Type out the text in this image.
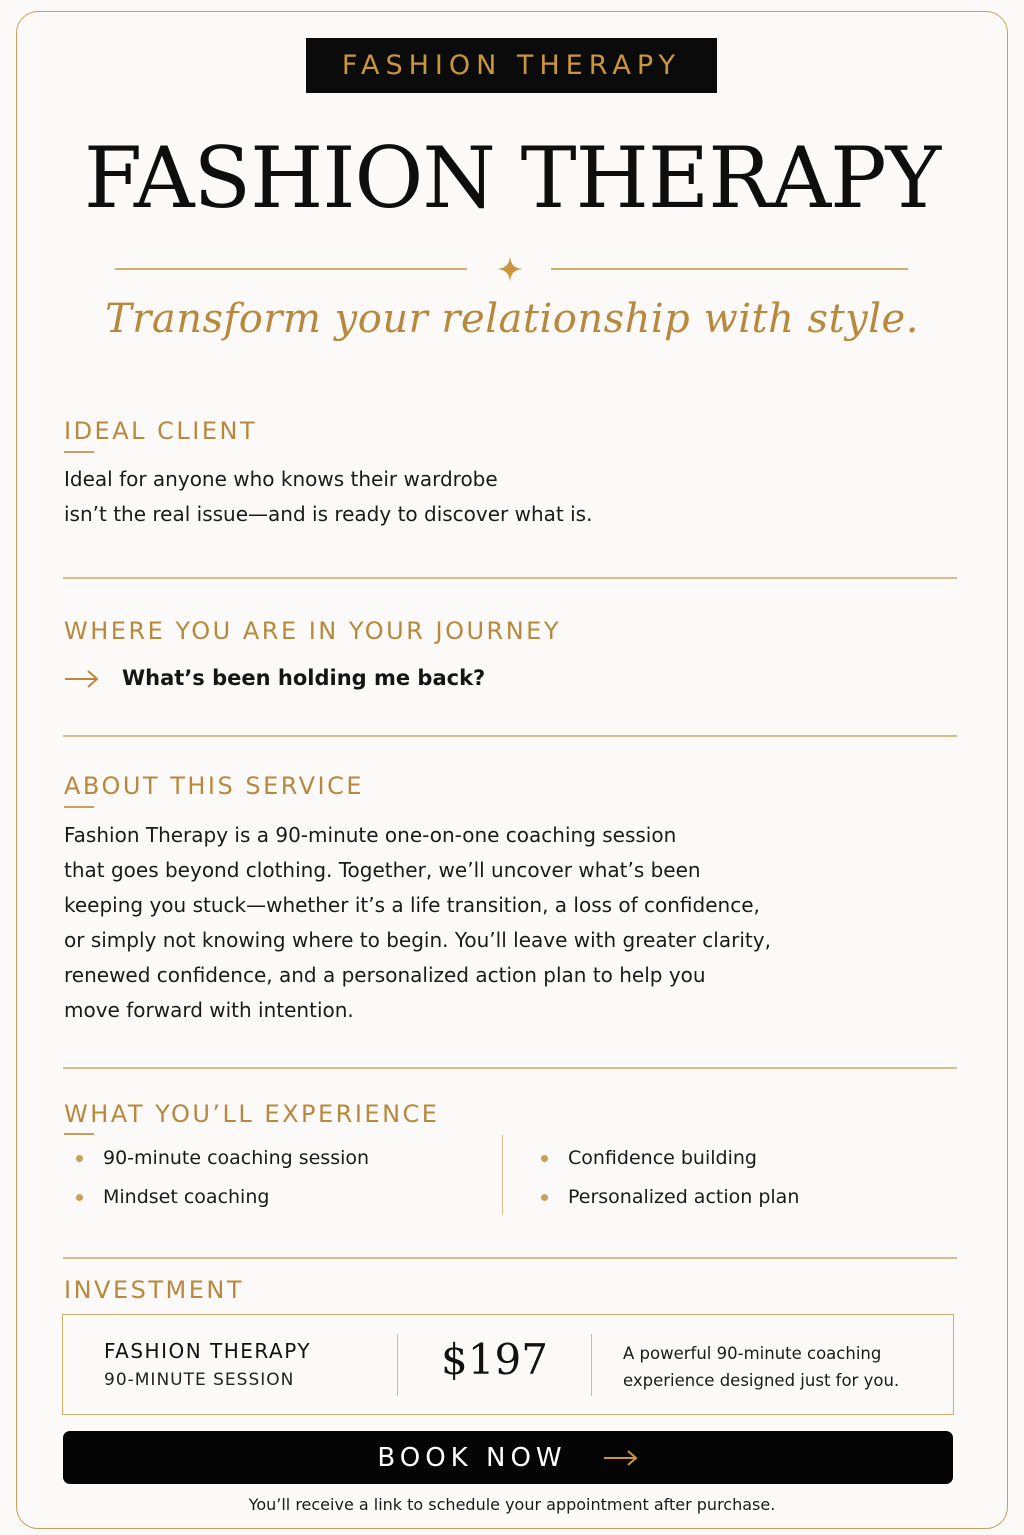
FASHION THERAPY
FASHION THERAPY
Transform your relationship with style.
IDEAL CLIENT
Ideal for anyone who knows their wardrobe
isn’t the real issue—and is ready to discover what is.
WHERE YOU ARE IN YOUR JOURNEY
What’s been holding me back?
ABOUT THIS SERVICE
Fashion Therapy is a 90-minute one-on-one coaching session
that goes beyond clothing. Together, we’ll uncover what’s been
keeping you stuck—whether it’s a life transition, a loss of confidence,
or simply not knowing where to begin. You’ll leave with greater clarity,
renewed confidence, and a personalized action plan to help you
move forward with intention.
WHAT YOU’LL EXPERIENCE
90-minute coaching session
Mindset coaching
Confidence building
Personalized action plan
INVESTMENT
FASHION THERAPY
90-MINUTE SESSION	$197	A powerful 90-minute coaching
experience designed just for you.
BOOK NOW
You’ll receive a link to schedule your appointment after purchase.
